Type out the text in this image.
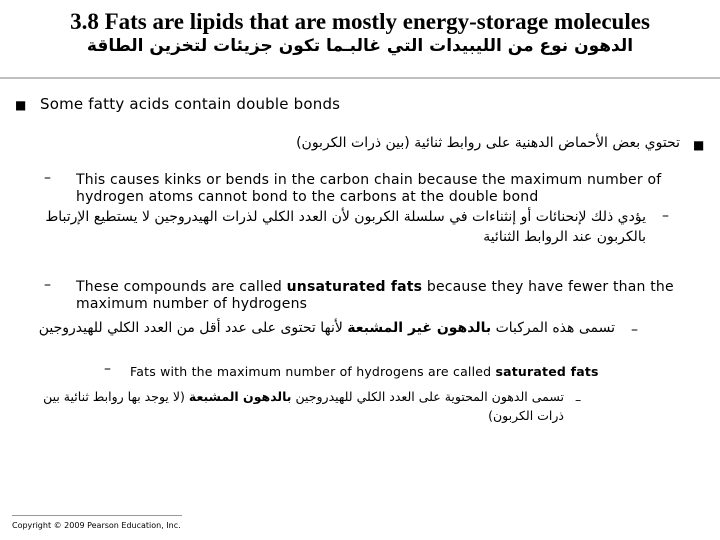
3.8 Fats are lipids that are mostly energy-storage molecules
الدهون نوع من الليبيدات التي غالبـما تكون جزيئات لتخزين الطاقة
■ Some fatty acids contain double bonds
■
تحتوي بعض الأحماض الدهنية على روابط ثنائية (بين ذرات الكربون)
– This causes kinks or bends in the carbon chain because the maximum number of hydrogen atoms cannot bond to the carbons at the double bond
–
يؤدي ذلك لإنحنائات أو إنثناءات في سلسلة الكربون لأن العدد الكلي لذرات الهيدروجين لا يستطيع الإرتباط بالكربون عند الروابط الثنائية
– These compounds are called unsaturated fats because they have fewer than the maximum number of hydrogens
–
تسمى هذه المركبات بالدهون غير المشبعة لأنها تحتوى على عدد أقل من العدد الكلي للهيدروجين
– Fats with the maximum number of hydrogens are called saturated fats
–
تسمى الدهون المحتوية على العدد الكلي للهيدروجين بالدهون المشبعة (لا يوجد بها روابط ثنائية بين ذرات الكربون)
Copyright © 2009 Pearson Education, Inc.
